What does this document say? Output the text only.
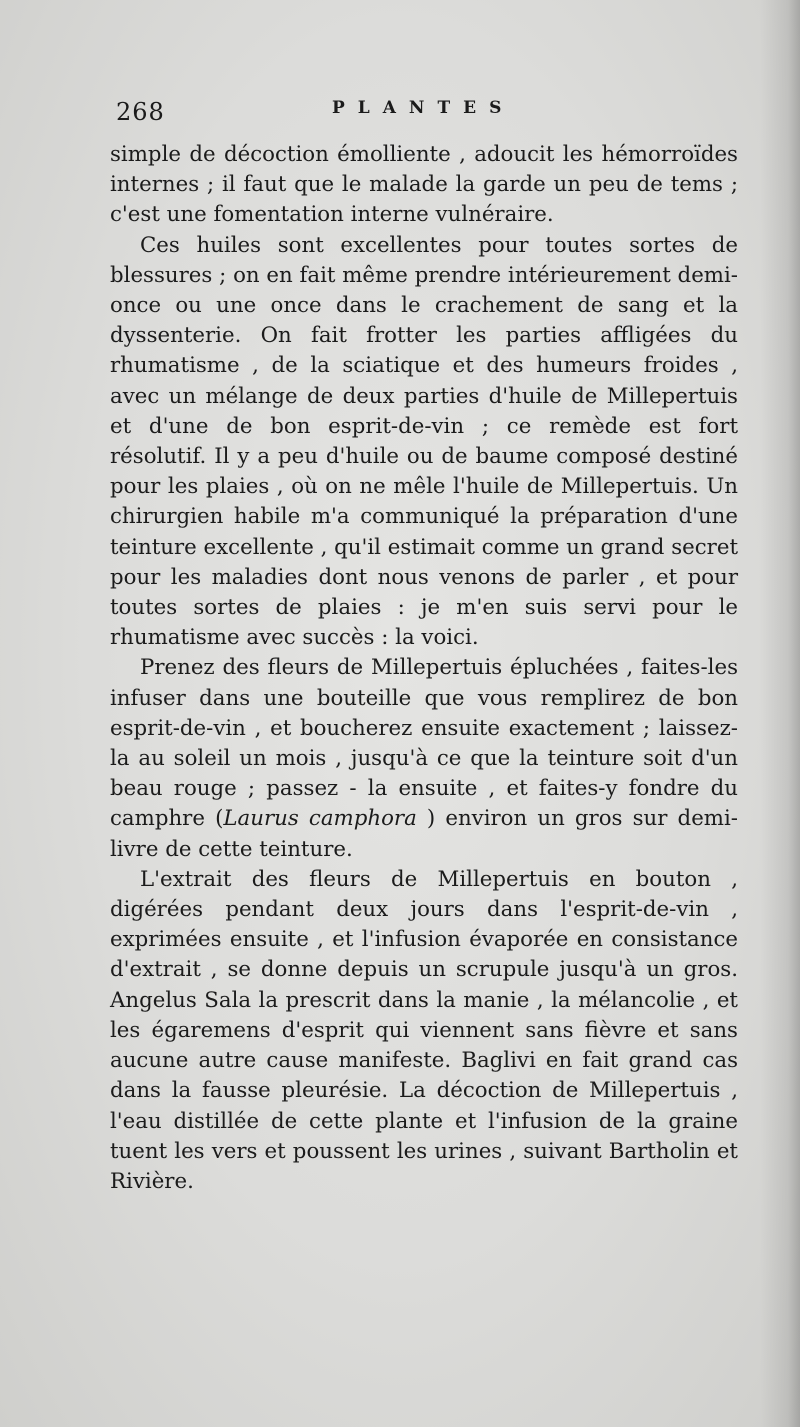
268	PLANTES

simple de décoction émolliente , adoucit les hémorroïdes internes ; il faut que le malade la garde un peu de tems ; c'est une fomentation interne vulnéraire.

Ces huiles sont excellentes pour toutes sortes de blessures ; on en fait même prendre intérieurement demi-once ou une once dans le crachement de sang et la dyssenterie. On fait frotter les parties affligées du rhumatisme , de la sciatique et des humeurs froides , avec un mélange de deux parties d'huile de Millepertuis et d'une de bon esprit-de-vin ; ce remède est fort résolutif. Il y a peu d'huile ou de baume composé destiné pour les plaies , où on ne mêle l'huile de Millepertuis. Un chirurgien habile m'a communiqué la préparation d'une teinture excellente , qu'il estimait comme un grand secret pour les maladies dont nous venons de parler , et pour toutes sortes de plaies : je m'en suis servi pour le rhumatisme avec succès : la voici.

Prenez des fleurs de Millepertuis épluchées , faites-les infuser dans une bouteille que vous remplirez de bon esprit-de-vin , et boucherez ensuite exactement ; laissez-la au soleil un mois , jusqu'à ce que la teinture soit d'un beau rouge ; passez - la ensuite , et faites-y fondre du camphre (Laurus camphora ) environ un gros sur demi-livre de cette teinture.

L'extrait des fleurs de Millepertuis en bouton , digérées pendant deux jours dans l'esprit-de-vin , exprimées ensuite , et l'infusion évaporée en consistance d'extrait , se donne depuis un scrupule jusqu'à un gros. Angelus Sala la prescrit dans la manie , la mélancolie , et les égaremens d'esprit qui viennent sans fièvre et sans aucune autre cause manifeste. Baglivi en fait grand cas dans la fausse pleurésie. La décoction de Millepertuis , l'eau distillée de cette plante et l'infusion de la graine tuent les vers et poussent les urines , suivant Bartholin et Rivière.
